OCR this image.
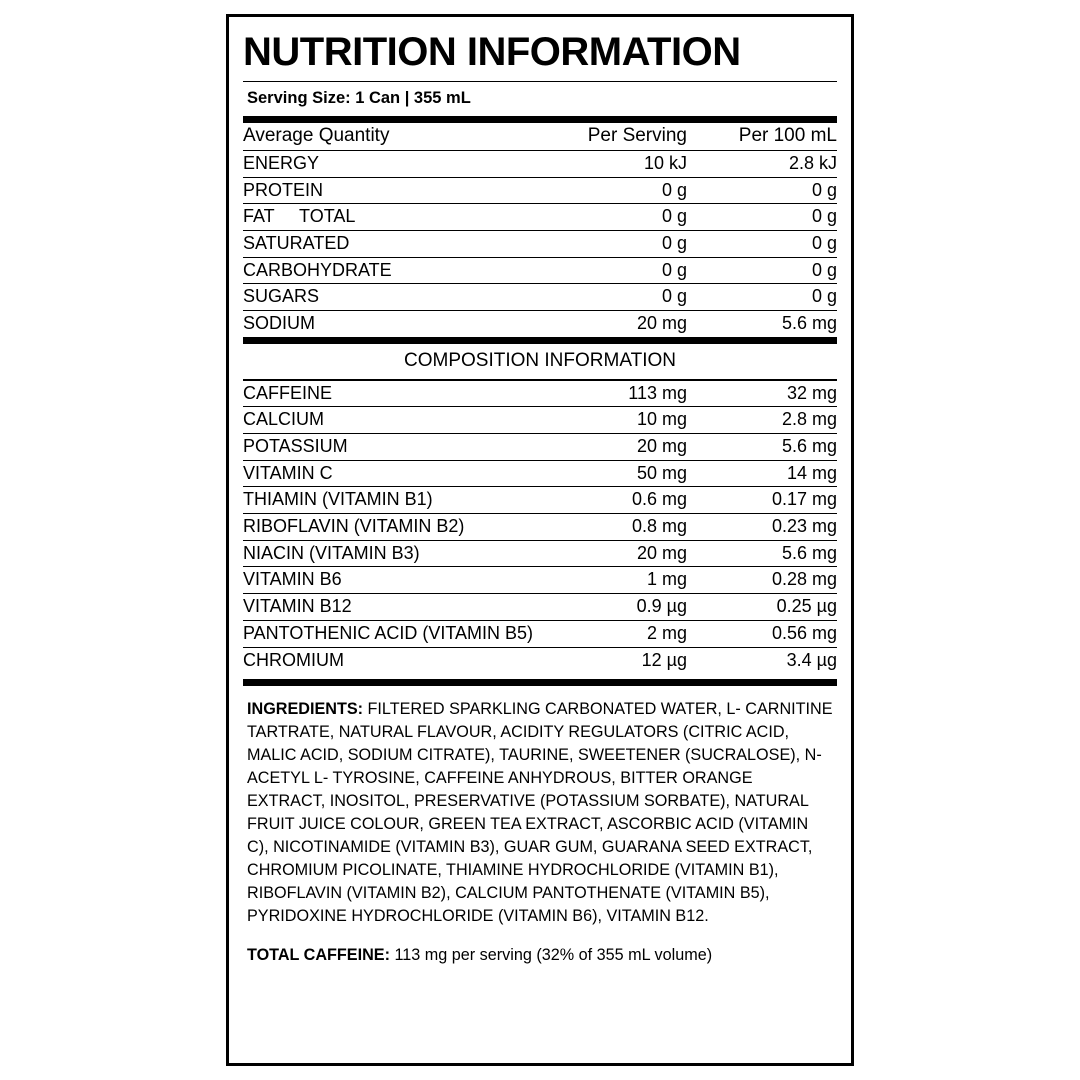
NUTRITION INFORMATION
Serving Size: 1 Can | 355 mL
Average Quantity	Per Serving	Per 100 mL
ENERGY	10 kJ	2.8 kJ
PROTEIN	0 g	0 g
FAT     TOTAL	0 g	0 g
SATURATED	0 g	0 g
CARBOHYDRATE	0 g	0 g
SUGARS	0 g	0 g
SODIUM	20 mg	5.6 mg
COMPOSITION INFORMATION
CAFFEINE	113 mg	32 mg
CALCIUM	10 mg	2.8 mg
POTASSIUM	20 mg	5.6 mg
VITAMIN C	50 mg	14 mg
THIAMIN (VITAMIN B1)	0.6 mg	0.17 mg
RIBOFLAVIN (VITAMIN B2)	0.8 mg	0.23 mg
NIACIN (VITAMIN B3)	20 mg	5.6 mg
VITAMIN B6	1 mg	0.28 mg
VITAMIN B12	0.9 µg	0.25 µg
PANTOTHENIC ACID (VITAMIN B5)	2 mg	0.56 mg
CHROMIUM	12 µg	3.4 µg
INGREDIENTS: FILTERED SPARKLING CARBONATED WATER, L- CARNITINE TARTRATE, NATURAL FLAVOUR, ACIDITY REGULATORS (CITRIC ACID, MALIC ACID, SODIUM CITRATE), TAURINE, SWEETENER (SUCRALOSE), N-ACETYL L- TYROSINE, CAFFEINE ANHYDROUS, BITTER ORANGE EXTRACT, INOSITOL, PRESERVATIVE (POTASSIUM SORBATE), NATURAL FRUIT JUICE COLOUR, GREEN TEA EXTRACT, ASCORBIC ACID (VITAMIN C), NICOTINAMIDE (VITAMIN B3), GUAR GUM, GUARANA SEED EXTRACT, CHROMIUM PICOLINATE, THIAMINE HYDROCHLORIDE (VITAMIN B1), RIBOFLAVIN (VITAMIN B2), CALCIUM PANTOTHENATE (VITAMIN B5), PYRIDOXINE HYDROCHLORIDE (VITAMIN B6), VITAMIN B12.
TOTAL CAFFEINE: 113 mg per serving (32% of 355 mL volume)
